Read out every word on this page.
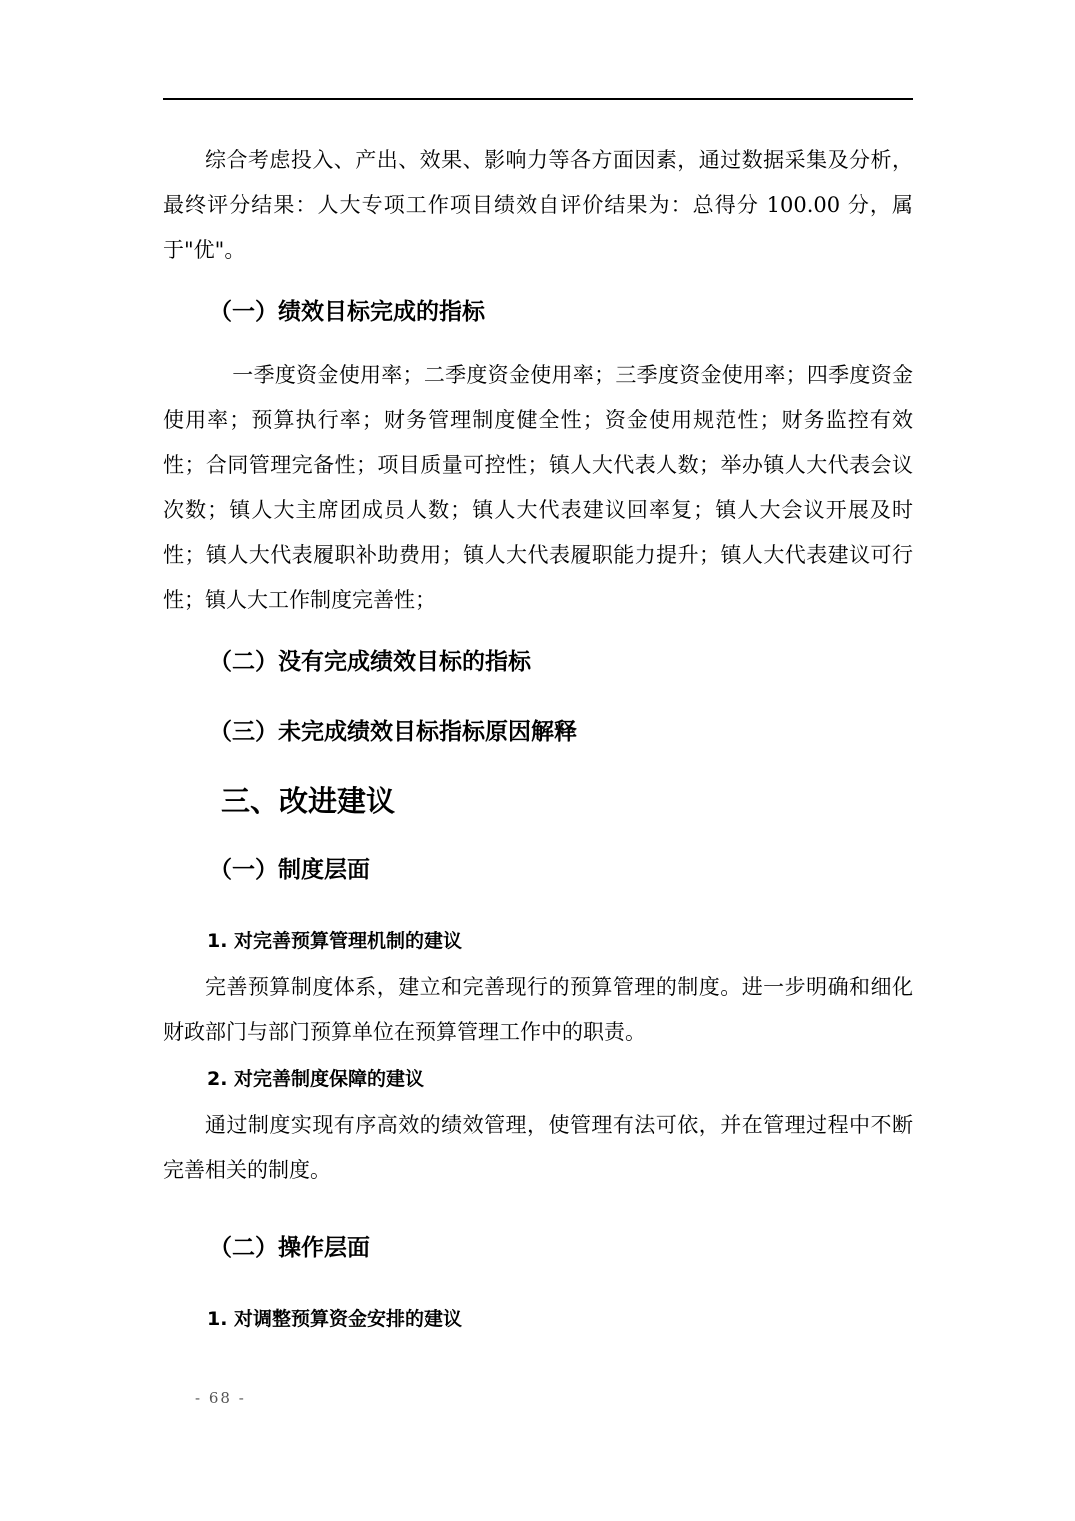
综合考虑投入、产出、效果、影响力等各方面因素，通过数据采集及分析，最终评分结果：人大专项工作项目绩效自评价结果为：总得分 100.00 分，属于"优"。

（一）绩效目标完成的指标

一季度资金使用率；二季度资金使用率；三季度资金使用率；四季度资金使用率；预算执行率；财务管理制度健全性；资金使用规范性；财务监控有效性；合同管理完备性；项目质量可控性；镇人大代表人数；举办镇人大代表会议次数；镇人大主席团成员人数；镇人大代表建议回率复；镇人大会议开展及时性；镇人大代表履职补助费用；镇人大代表履职能力提升；镇人大代表建议可行性；镇人大工作制度完善性；

（二）没有完成绩效目标的指标
（三）未完成绩效目标指标原因解释
三、改进建议
（一）制度层面
1. 对完善预算管理机制的建议

完善预算制度体系，建立和完善现行的预算管理的制度。进一步明确和细化财政部门与部门预算单位在预算管理工作中的职责。

2. 对完善制度保障的建议

通过制度实现有序高效的绩效管理，使管理有法可依，并在管理过程中不断完善相关的制度。

（二）操作层面
1. 对调整预算资金安排的建议
- 68 -
